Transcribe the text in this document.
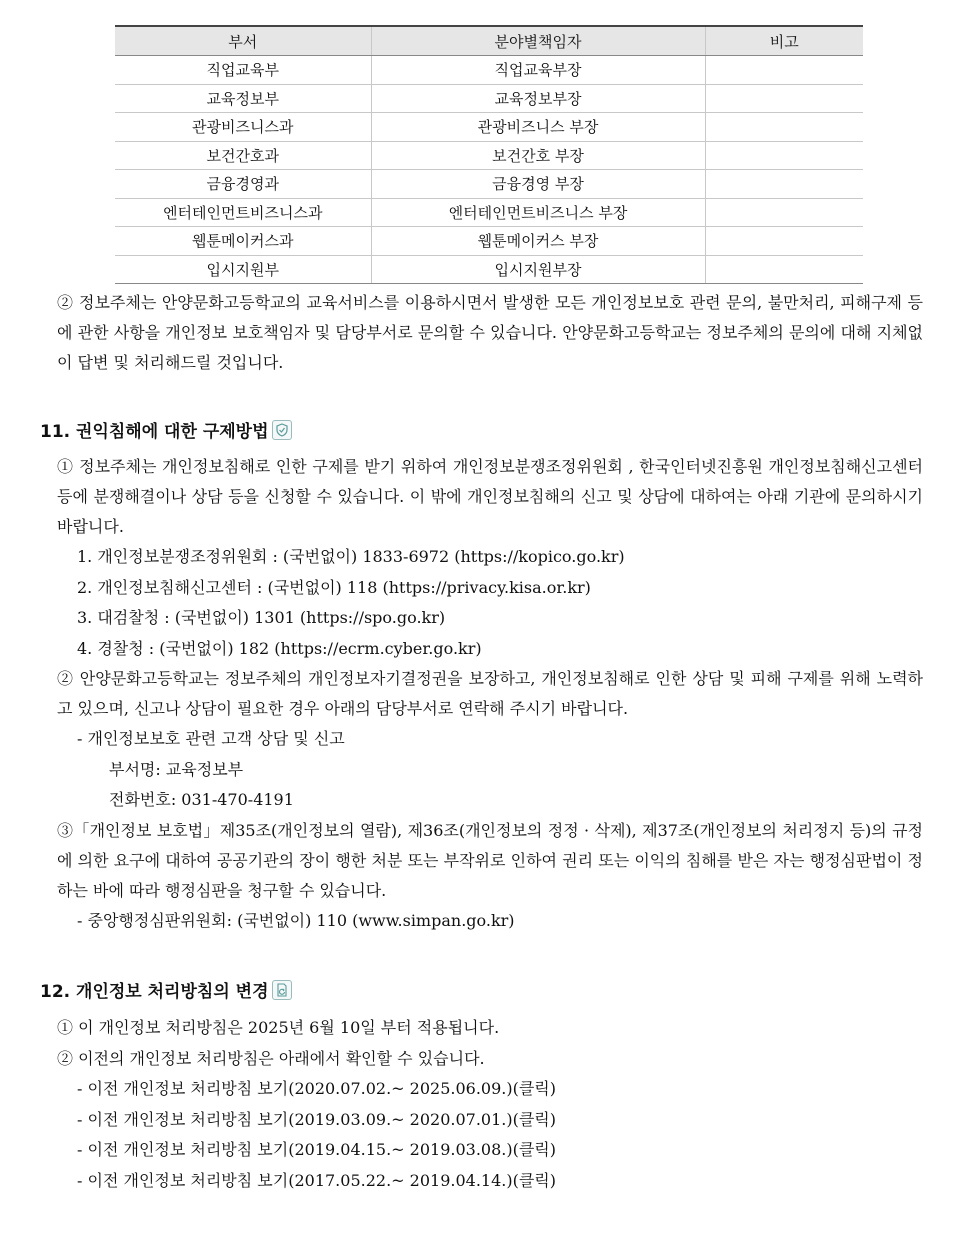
부서	분야별책임자	비고
직업교육부	직업교육부장	
교육정보부	교육정보부장	
관광비즈니스과	관광비즈니스 부장	
보건간호과	보건간호 부장	
금융경영과	금융경영 부장	
엔터테인먼트비즈니스과	엔터테인먼트비즈니스 부장	
웹툰메이커스과	웹툰메이커스 부장	
입시지원부	입시지원부장	
② 정보주체는 안양문화고등학교의 교육서비스를 이용하시면서 발생한 모든 개인정보보호 관련 문의, 불만처리, 피해구제 등에 관한 사항을 개인정보 보호책임자 및 담당부서로 문의할 수 있습니다. 안양문화고등학교는 정보주체의 문의에 대해 지체없이 답변 및 처리해드릴 것입니다.
11. 권익침해에 대한 구제방법
① 정보주체는 개인정보침해로 인한 구제를 받기 위하여 개인정보분쟁조정위원회 , 한국인터넷진흥원 개인정보침해신고센터 등에 분쟁해결이나 상담 등을 신청할 수 있습니다. 이 밖에 개인정보침해의 신고 및 상담에 대하여는 아래 기관에 문의하시기 바랍니다.
1. 개인정보분쟁조정위원회 : (국번없이) 1833-6972 (https://kopico.go.kr)
2. 개인정보침해신고센터 : (국번없이) 118 (https://privacy.kisa.or.kr)
3. 대검찰청 : (국번없이) 1301 (https://spo.go.kr)
4. 경찰청 : (국번없이) 182 (https://ecrm.cyber.go.kr)
② 안양문화고등학교는 정보주체의 개인정보자기결정권을 보장하고, 개인정보침해로 인한 상담 및 피해 구제를 위해 노력하고 있으며, 신고나 상담이 필요한 경우 아래의 담당부서로 연락해 주시기 바랍니다.
- 개인정보보호 관련 고객 상담 및 신고
부서명: 교육정보부
전화번호: 031-470-4191
③「개인정보 보호법」제35조(개인정보의 열람), 제36조(개인정보의 정정 · 삭제), 제37조(개인정보의 처리정지 등)의 규정에 의한 요구에 대하여 공공기관의 장이 행한 처분 또는 부작위로 인하여 권리 또는 이익의 침해를 받은 자는 행정심판법이 정하는 바에 따라 행정심판을 청구할 수 있습니다.
- 중앙행정심판위원회: (국번없이) 110 (www.simpan.go.kr)
12. 개인정보 처리방침의 변경
① 이 개인정보 처리방침은 2025년 6월 10일 부터 적용됩니다.
② 이전의 개인정보 처리방침은 아래에서 확인할 수 있습니다.
- 이전 개인정보 처리방침 보기(2020.07.02.~ 2025.06.09.)(클릭)
- 이전 개인정보 처리방침 보기(2019.03.09.~ 2020.07.01.)(클릭)
- 이전 개인정보 처리방침 보기(2019.04.15.~ 2019.03.08.)(클릭)
- 이전 개인정보 처리방침 보기(2017.05.22.~ 2019.04.14.)(클릭)
